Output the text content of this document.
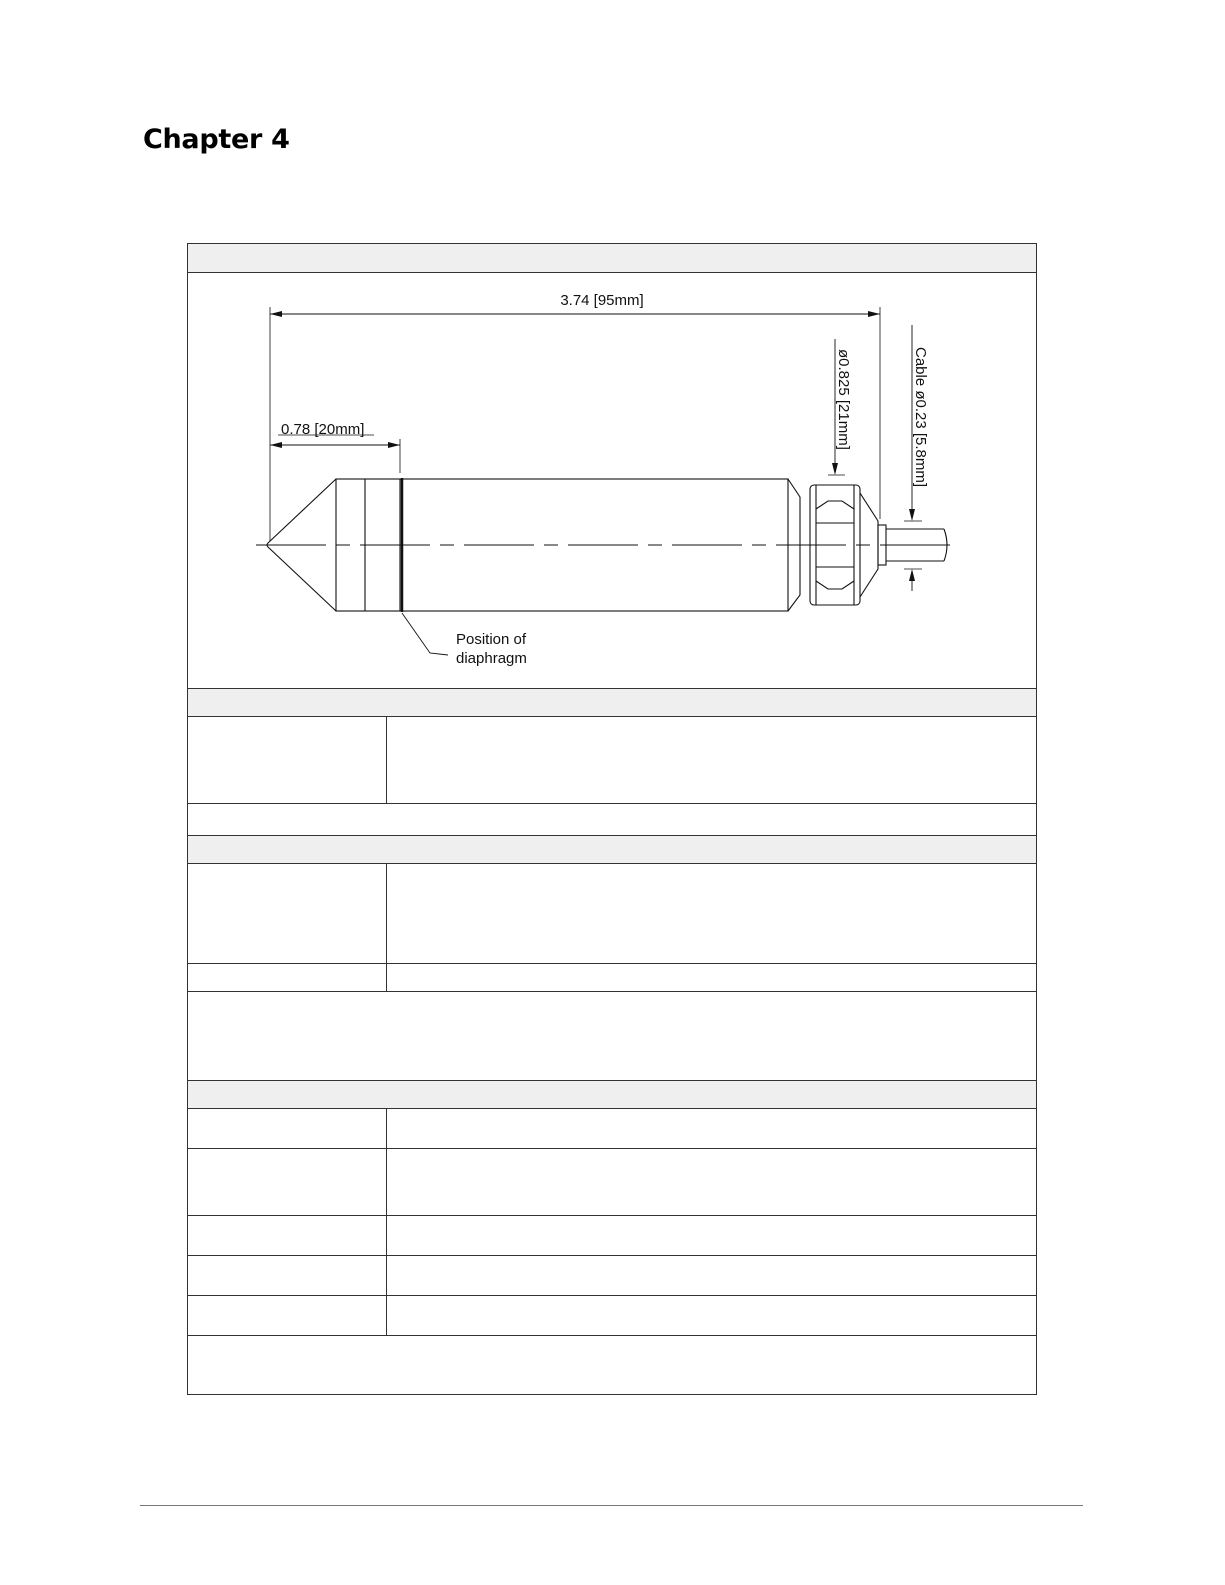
Chapter 4
3.74 [95mm]
0.78 [20mm]	ø0.825 [21mm]	Cable ø0.23 [5.8mm]
Position of
diaphragm
